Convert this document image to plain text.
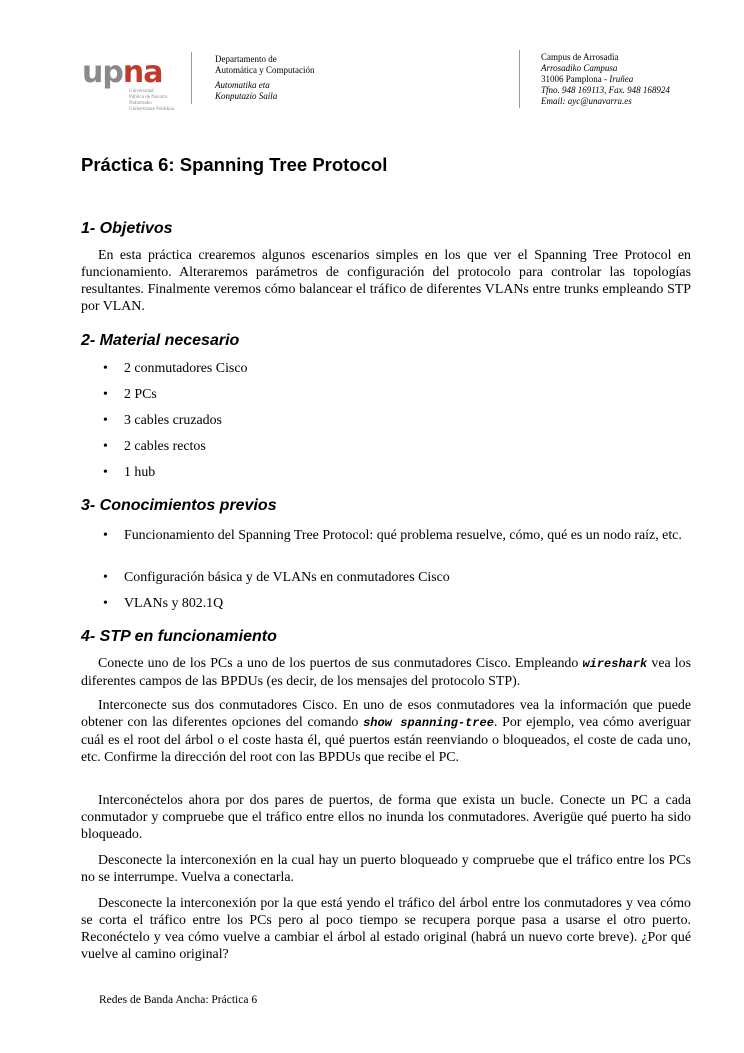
upna
Universidad
Pública de Navarra
Nafarroako
Unibertsitate Publikoa
Departamento de
Automática y Computación
Automatika eta
Konputazio Saila
Campus de Arrosadía
Arrosadiko Campusa
31006 Pamplona - Iruñea
Tfno. 948 169113, Fax. 948 168924
Email: ayc@unavarra.es
Práctica 6: Spanning Tree Protocol
1- Objetivos
En esta práctica crearemos algunos escenarios simples en los que ver el Spanning Tree Protocol en funcionamiento. Alteraremos parámetros de configuración del protocolo para controlar las topologías resultantes. Finalmente veremos cómo balancear el tráfico de diferentes VLANs entre trunks empleando STP por VLAN.
2- Material necesario
• 2 conmutadores Cisco
• 2 PCs
• 3 cables cruzados
• 2 cables rectos
• 1 hub
3- Conocimientos previos
• Funcionamiento del Spanning Tree Protocol: qué problema resuelve, cómo, qué es un nodo raíz, etc.
• Configuración básica y de VLANs en conmutadores Cisco
• VLANs y 802.1Q
4- STP en funcionamiento
Conecte uno de los PCs a uno de los puertos de sus conmutadores Cisco. Empleando wireshark vea los diferentes campos de las BPDUs (es decir, de los mensajes del protocolo STP).
Interconecte sus dos conmutadores Cisco. En uno de esos conmutadores vea la información que puede obtener con las diferentes opciones del comando show spanning-tree. Por ejemplo, vea cómo averiguar cuál es el root del árbol o el coste hasta él, qué puertos están reenviando o bloqueados, el coste de cada uno, etc. Confirme la dirección del root con las BPDUs que recibe el PC.
Interconéctelos ahora por dos pares de puertos, de forma que exista un bucle. Conecte un PC a cada conmutador y compruebe que el tráfico entre ellos no inunda los conmutadores. Averigüe qué puerto ha sido bloqueado.
Desconecte la interconexión en la cual hay un puerto bloqueado y compruebe que el tráfico entre los PCs no se interrumpe. Vuelva a conectarla.
Desconecte la interconexión por la que está yendo el tráfico del árbol entre los conmutadores y vea cómo se corta el tráfico entre los PCs pero al poco tiempo se recupera porque pasa a usarse el otro puerto. Reconéctelo y vea cómo vuelve a cambiar el árbol al estado original (habrá un nuevo corte breve). ¿Por qué vuelve al camino original?
Redes de Banda Ancha: Práctica 6
